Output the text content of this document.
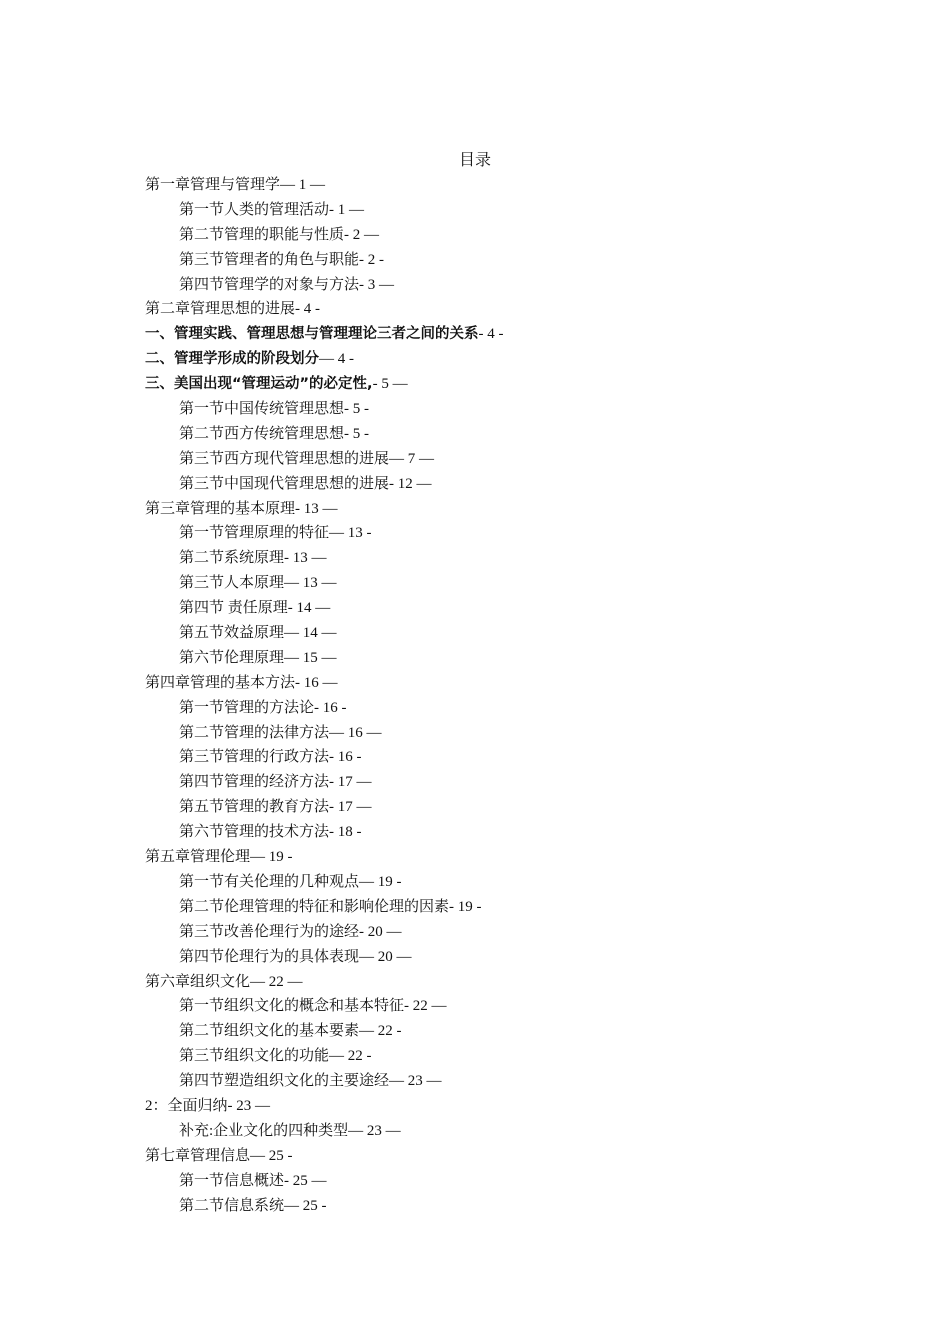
目录
第一章管理与管理学— 1 —
第一节人类的管理活动- 1 —
第二节管理的职能与性质- 2 —
第三节管理者的角色与职能- 2 -
第四节管理学的对象与方法- 3 —
第二章管理思想的进展- 4 -
一、管理实践、管理思想与管理理论三者之间的关系- 4 -
二、管理学形成的阶段划分— 4 -
三、美国出现“管理运动”的必定性,- 5 —
第一节中国传统管理思想- 5 -
第二节西方传统管理思想- 5 -
第三节西方现代管理思想的进展— 7 —
第三节中国现代管理思想的进展- 12 —
第三章管理的基本原理- 13 —
第一节管理原理的特征— 13 -
第二节系统原理- 13 —
第三节人本原理— 13 —
第四节 责任原理- 14 —
第五节效益原理— 14 —
第六节伦理原理— 15 —
第四章管理的基本方法- 16 —
第一节管理的方法论- 16 -
第二节管理的法律方法— 16 —
第三节管理的行政方法- 16 -
第四节管理的经济方法- 17 —
第五节管理的教育方法- 17 —
第六节管理的技术方法- 18 -
第五章管理伦理— 19 -
第一节有关伦理的几种观点— 19 -
第二节伦理管理的特征和影响伦理的因素- 19 -
第三节改善伦理行为的途经- 20 —
第四节伦理行为的具体表现— 20 —
第六章组织文化— 22 —
第一节组织文化的概念和基本特征- 22 —
第二节组织文化的基本要素— 22 -
第三节组织文化的功能— 22 -
第四节塑造组织文化的主要途经— 23 —
2：全面归纳- 23 —
补充:企业文化的四种类型— 23 —
第七章管理信息— 25 -
第一节信息概述- 25 —
第二节信息系统— 25 -
